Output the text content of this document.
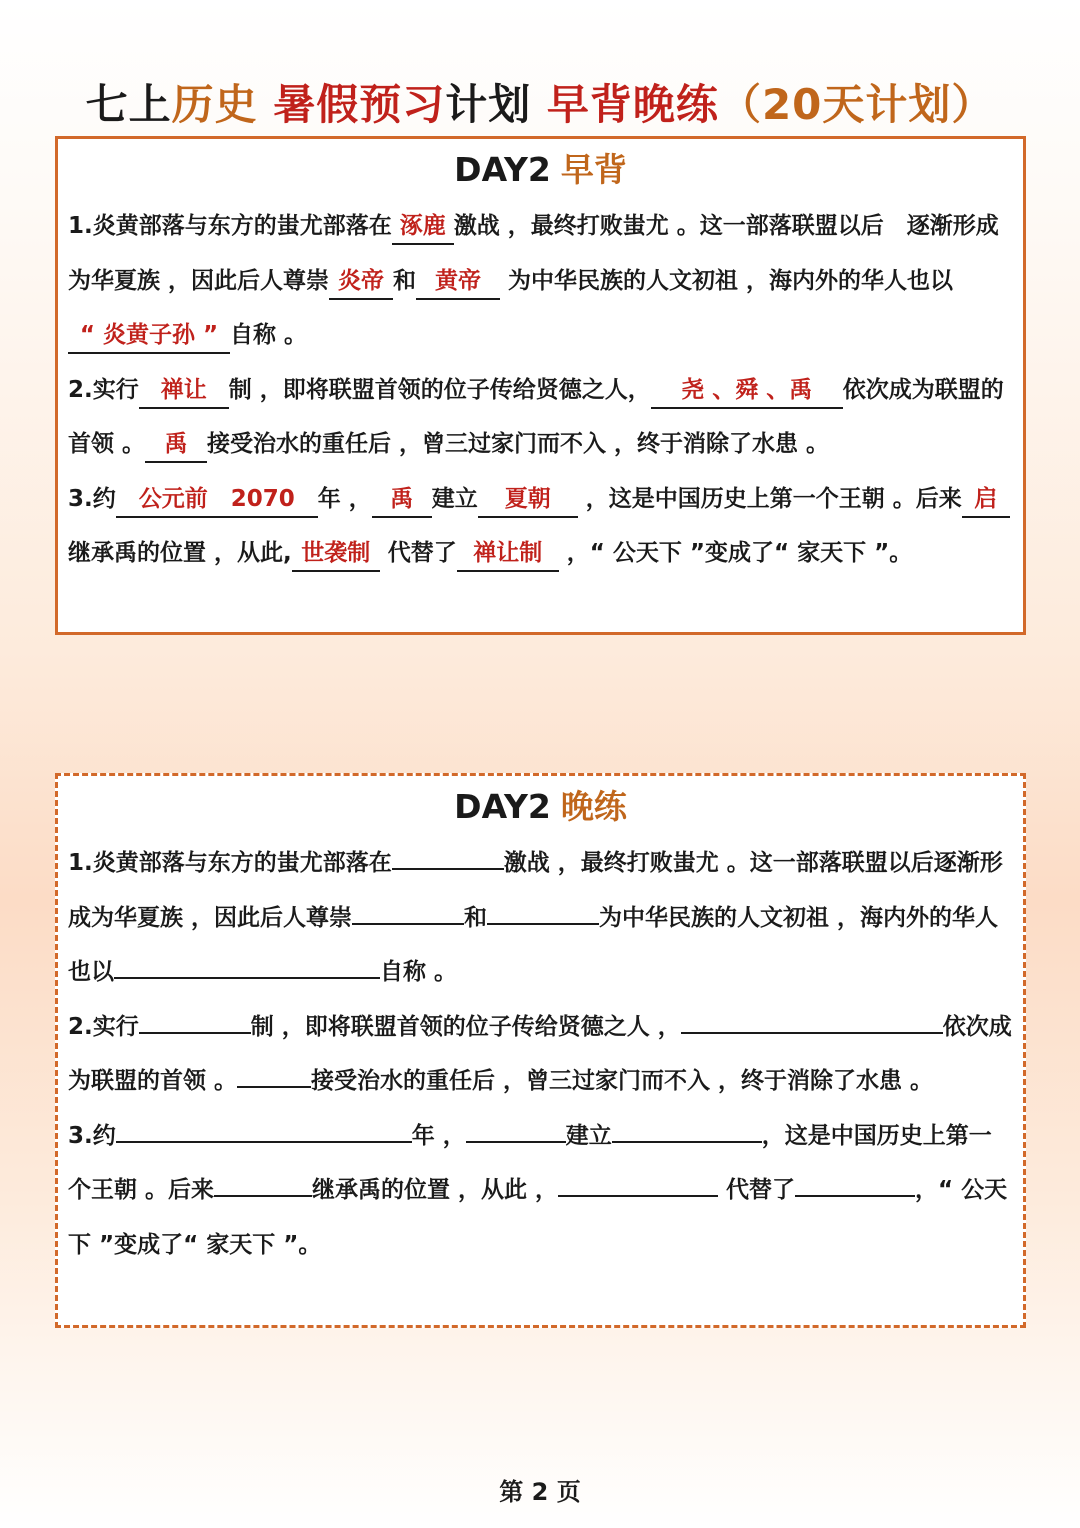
七上历史 暑假预习计划 早背晚练（20天计划）
DAY2 早背
1.炎黄部落与东方的蚩尤部落在 涿鹿 激战 ，最终打败蚩尤 。这一部落联盟以后　逐渐形成为华夏族 ，因此后人尊崇 炎帝 和 黄帝 为中华民族的人文初祖 ，海内外的华人也以“ 炎黄子孙 ” 自称 。
2.实行 禅让 制 ，即将联盟首领的位子传给贤德之人， 尧 、舜 、禹 依次成为联盟的首领 。 禹 接受治水的重任后 ，曾三过家门而不入 ，终于消除了水患 。
3.约 公元前　2070 年 ， 禹 建立 夏朝 ，这是中国历史上第一个王朝 。后来 启继承禹的位置 ，从此, 世袭制 代替了 禅让制 ，“ 公天下 ”变成了“ 家天下 ”。
DAY2 晚练
1.炎黄部落与东方的蚩尤部落在	激战 ，最终打败蚩尤 。这一部落联盟以后逐渐形成为华夏族 ，因此后人尊崇	和	为中华民族的人文初祖 ，海内外的华人也以	自称 。
2.实行	制 ，即将联盟首领的位子传给贤德之人 ，	依次成为联盟的首领 。	接受治水的重任后 ，曾三过家门而不入 ，终于消除了水患 。
3.约	年 ，	建立	，这是中国历史上第一个王朝 。后来	继承禹的位置 ，从此 ，	代替了	，“ 公天下 ”变成了“ 家天下 ”。
第 2 页
